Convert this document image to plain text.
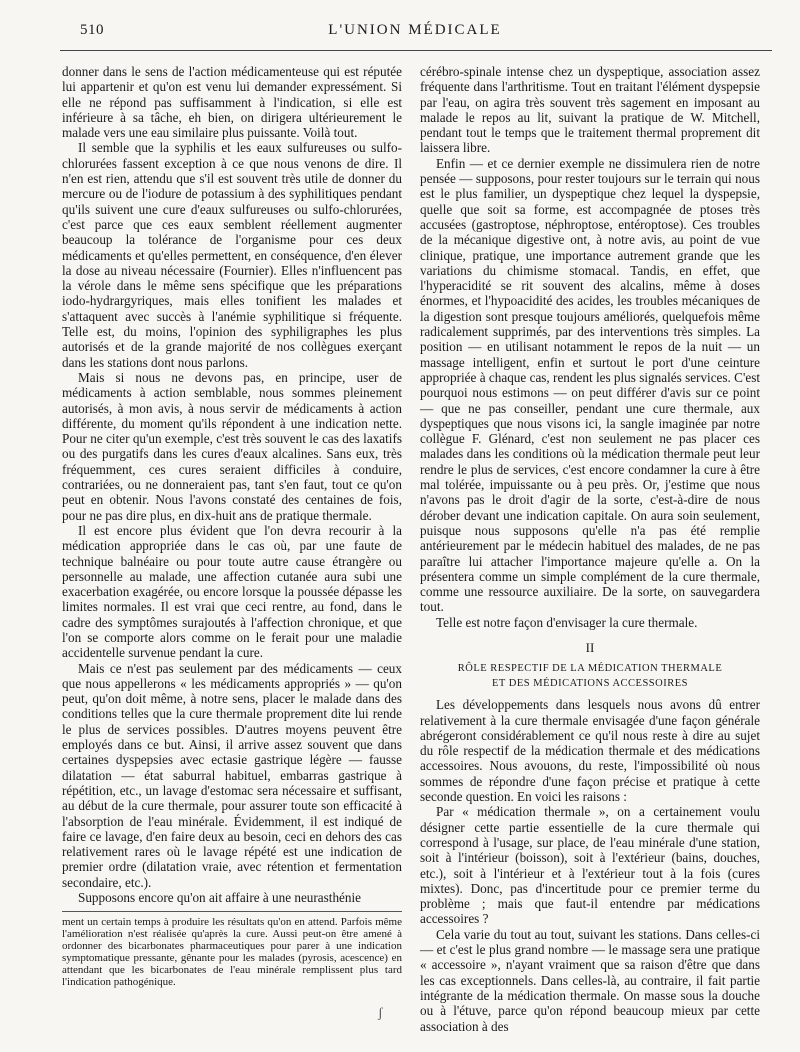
510	L'UNION MÉDICALE

donner dans le sens de l'action médicamenteuse qui est réputée lui appartenir et qu'on est venu lui demander expressément. Si elle ne répond pas suffisamment à l'indication, si elle est inférieure à sa tâche, eh bien, on dirigera ultérieurement le malade vers une eau similaire plus puissante. Voilà tout.

Il semble que la syphilis et les eaux sulfureuses ou sulfo-chlorurées fassent exception à ce que nous venons de dire. Il n'en est rien, attendu que s'il est souvent très utile de donner du mercure ou de l'iodure de potassium à des syphilitiques pendant qu'ils suivent une cure d'eaux sulfureuses ou sulfo-chlorurées, c'est parce que ces eaux semblent réellement augmenter beaucoup la tolérance de l'organisme pour ces deux médicaments et qu'elles permettent, en conséquence, d'en élever la dose au niveau nécessaire (Fournier). Elles n'influencent pas la vérole dans le même sens spécifique que les préparations iodo-hydrargyriques, mais elles tonifient les malades et s'attaquent avec succès à l'anémie syphilitique si fréquente. Telle est, du moins, l'opinion des syphiligraphes les plus autorisés et de la grande majorité de nos collègues exerçant dans les stations dont nous parlons.

Mais si nous ne devons pas, en principe, user de médicaments à action semblable, nous sommes pleinement autorisés, à mon avis, à nous servir de médicaments à action différente, du moment qu'ils répondent à une indication nette. Pour ne citer qu'un exemple, c'est très souvent le cas des laxatifs ou des purgatifs dans les cures d'eaux alcalines. Sans eux, très fréquemment, ces cures seraient difficiles à conduire, contrariées, ou ne donneraient pas, tant s'en faut, tout ce qu'on peut en obtenir. Nous l'avons constaté des centaines de fois, pour ne pas dire plus, en dix-huit ans de pratique thermale.

Il est encore plus évident que l'on devra recourir à la médication appropriée dans le cas où, par une faute de technique balnéaire ou pour toute autre cause étrangère ou personnelle au malade, une affection cutanée aura subi une exacerbation exagérée, ou encore lorsque la poussée dépasse les limites normales. Il est vrai que ceci rentre, au fond, dans le cadre des symptômes surajoutés à l'affection chronique, et que l'on se comporte alors comme on le ferait pour une maladie accidentelle survenue pendant la cure.

Mais ce n'est pas seulement par des médicaments — ceux que nous appellerons « les médicaments appropriés » — qu'on peut, qu'on doit même, à notre sens, placer le malade dans des conditions telles que la cure thermale proprement dite lui rende le plus de services possibles. D'autres moyens peuvent être employés dans ce but. Ainsi, il arrive assez souvent que dans certaines dyspepsies avec ectasie gastrique légère — fausse dilatation — état saburral habituel, embarras gastrique à répétition, etc., un lavage d'estomac sera nécessaire et suffisant, au début de la cure thermale, pour assurer toute son efficacité à l'absorption de l'eau minérale. Évidemment, il est indiqué de faire ce lavage, d'en faire deux au besoin, ceci en dehors des cas relativement rares où le lavage répété est une indication de premier ordre (dilatation vraie, avec rétention et fermentation secondaire, etc.).

Supposons encore qu'on ait affaire à une neurasthénie

ment un certain temps à produire les résultats qu'on en attend. Parfois même l'amélioration n'est réalisée qu'après la cure. Aussi peut-on être amené à ordonner des bicarbonates pharmaceutiques pour parer à une indication symptomatique pressante, gênante pour les malades (pyrosis, acescence) en attendant que les bicarbonates de l'eau minérale remplissent plus tard l'indication pathogénique.

cérébro-spinale intense chez un dyspeptique, association assez fréquente dans l'arthritisme. Tout en traitant l'élément dyspepsie par l'eau, on agira très souvent très sagement en imposant au malade le repos au lit, suivant la pratique de W. Mitchell, pendant tout le temps que le traitement thermal proprement dit laissera libre.

Enfin — et ce dernier exemple ne dissimulera rien de notre pensée — supposons, pour rester toujours sur le terrain qui nous est le plus familier, un dyspeptique chez lequel la dyspepsie, quelle que soit sa forme, est accompagnée de ptoses très accusées (gastroptose, néphroptose, entéroptose). Ces troubles de la mécanique digestive ont, à notre avis, au point de vue clinique, pratique, une importance autrement grande que les variations du chimisme stomacal. Tandis, en effet, que l'hyperacidité se rit souvent des alcalins, même à doses énormes, et l'hypoacidité des acides, les troubles mécaniques de la digestion sont presque toujours améliorés, quelquefois même radicalement supprimés, par des interventions très simples. La position — en utilisant notamment le repos de la nuit — un massage intelligent, enfin et surtout le port d'une ceinture appropriée à chaque cas, rendent les plus signalés services. C'est pourquoi nous estimons — on peut différer d'avis sur ce point — que ne pas conseiller, pendant une cure thermale, aux dyspeptiques que nous visons ici, la sangle imaginée par notre collègue F. Glénard, c'est non seulement ne pas placer ces malades dans les conditions où la médication thermale peut leur rendre le plus de services, c'est encore condamner la cure à être mal tolérée, impuissante ou à peu près. Or, j'estime que nous n'avons pas le droit d'agir de la sorte, c'est-à-dire de nous dérober devant une indication capitale. On aura soin seulement, puisque nous supposons qu'elle n'a pas été remplie antérieurement par le médecin habituel des malades, de ne pas paraître lui attacher l'importance majeure qu'elle a. On la présentera comme un simple complément de la cure thermale, comme une ressource auxiliaire. De la sorte, on sauvegardera tout.

Telle est notre façon d'envisager la cure thermale.

II
RÔLE RESPECTIF DE LA MÉDICATION THERMALE
ET DES MÉDICATIONS ACCESSOIRES

Les développements dans lesquels nous avons dû entrer relativement à la cure thermale envisagée d'une façon générale abrégeront considérablement ce qu'il nous reste à dire au sujet du rôle respectif de la médication thermale et des médications accessoires. Nous avouons, du reste, l'impossibilité où nous sommes de répondre d'une façon précise et pratique à cette seconde question. En voici les raisons :

Par « médication thermale », on a certainement voulu désigner cette partie essentielle de la cure thermale qui correspond à l'usage, sur place, de l'eau minérale d'une station, soit à l'intérieur (boisson), soit à l'extérieur (bains, douches, etc.), soit à l'intérieur et à l'extérieur tout à la fois (cures mixtes). Donc, pas d'incertitude pour ce premier terme du problème ; mais que faut-il entendre par médications accessoires ?

Cela varie du tout au tout, suivant les stations. Dans celles-ci — et c'est le plus grand nombre — le massage sera une pratique « accessoire », n'ayant vraiment que sa raison d'être que dans les cas exceptionnels. Dans celles-là, au contraire, il fait partie intégrante de la médication thermale. On masse sous la douche ou à l'étuve, parce qu'on répond beaucoup mieux par cette association à des

ʃ
